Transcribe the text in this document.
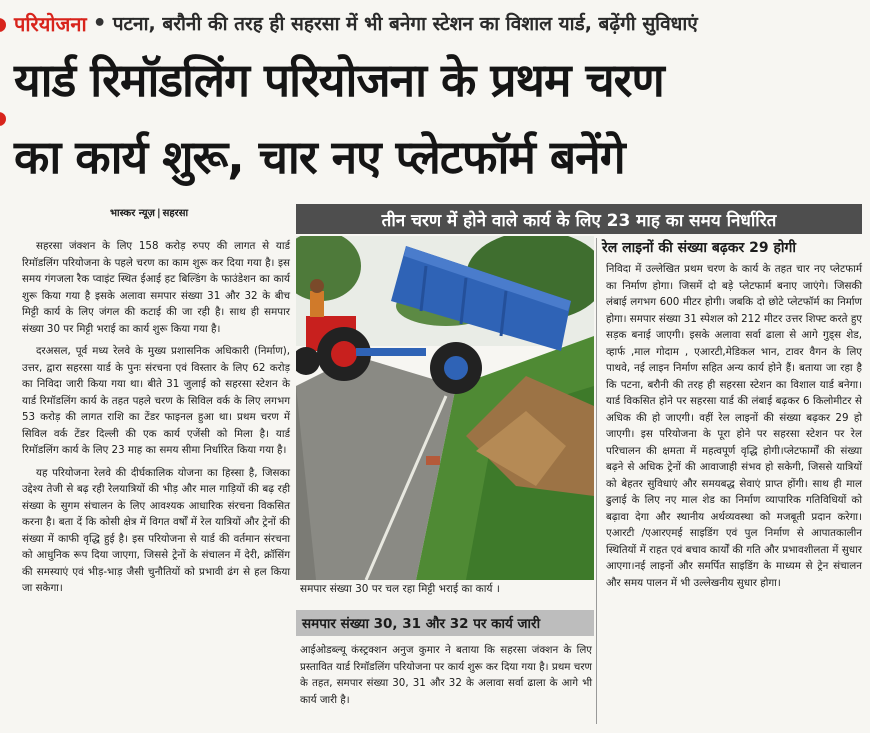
परियोजना • पटना, बरौनी की तरह ही सहरसा में भी बनेगा स्टेशन का विशाल यार्ड, बढ़ेंगी सुविधाएं
यार्ड रिमॉडलिंग परियोजना के प्रथम चरण
का कार्य शुरू, चार नए प्लेटफॉर्म बनेंगे
भास्कर न्यूज़ | सहरसा	तीन चरण में होने वाले कार्य के लिए 23 माह का समय निर्धारित

सहरसा जंक्शन के लिए 158 करोड़ रुपए की लागत से यार्ड रिमॉडलिंग परियोजना के पहले चरण का काम शुरू कर दिया गया है। इस समय गंगजला रैक प्वाइंट स्थित ईआई हट बिल्डिंग के फाउंडेशन का कार्य शुरू किया गया है इसके अलावा समपार संख्या 31 और 32 के बीच मिट्टी कार्य के लिए जंगल की कटाई की जा रही है। साथ ही समपार संख्या 30 पर मिट्टी भराई का कार्य शुरू किया गया है।

दरअसल, पूर्व मध्य रेलवे के मुख्य प्रशासनिक अधिकारी (निर्माण), उत्तर, द्वारा सहरसा यार्ड के पुनः संरचना एवं विस्तार के लिए 62 करोड़ का निविदा जारी किया गया था। बीते 31 जुलाई को सहरसा स्टेशन के यार्ड रिमॉडलिंग कार्य के तहत पहले चरण के सिविल वर्क के लिए लगभग 53 करोड़ की लागत राशि का टेंडर फाइनल हुआ था। प्रथम चरण में सिविल वर्क टेंडर दिल्ली की एक कार्य एजेंसी को मिला है। यार्ड रिमॉडलिंग कार्य के लिए 23 माह का समय सीमा निर्धारित किया गया है।

यह परियोजना रेलवे की दीर्घकालिक योजना का हिस्सा है, जिसका उद्देश्य तेजी से बढ़ रही रेलयात्रियों की भीड़ और माल गाड़ियों की बढ़ रही संख्या के सुगम संचालन के लिए आवश्यक आधारिक संरचना विकसित करना है। बता दें कि कोसी क्षेत्र में विगत वर्षों में रेल यात्रियों और ट्रेनों की संख्या में काफी वृद्धि हुई है। इस परियोजना से यार्ड की वर्तमान संरचना को आधुनिक रूप दिया जाएगा, जिससे ट्रेनों के संचालन में देरी, क्रॉसिंग की समस्याएं एवं भीड़-भाड़ जैसी चुनौतियों को प्रभावी ढंग से हल किया जा सकेगा।	समपार संख्या 30 पर चल रहा मिट्टी भराई का कार्य ।
समपार संख्या 30, 31 और 32 पर कार्य जारी

आईओडब्ल्यू कंस्ट्रक्शन अनुज कुमार ने बताया कि सहरसा जंक्शन के लिए प्रस्तावित यार्ड रिमॉडलिंग परियोजना पर कार्य शुरू कर दिया गया है। प्रथम चरण के तहत, समपार संख्या 30, 31 और 32 के अलावा सर्वा ढाला के आगे भी कार्य जारी है।

रेल लाइनों की संख्या बढ़कर 29 होगी

निविदा में उल्लेखित प्रथम चरण के कार्य के तहत चार नए प्लेटफार्म का निर्माण होगा। जिसमें दो बड़े प्लेटफार्म बनाए जाएंगे। जिसकी लंबाई लगभग 600 मीटर होगी। जबकि दो छोटे प्लेटफॉर्म का निर्माण होगा। समपार संख्या 31 स्पेशल को 212 मीटर उत्तर शिफ्ट करते हुए सड़क बनाई जाएगी। इसके अलावा सर्वा ढाला से आगे गुड्स शेड, व्हार्फ ,माल गोदाम , एआरटी,मेडिकल भान, टावर वैगन के लिए पाथवे, नई लाइन निर्माण सहित अन्य कार्य होने हैं। बताया जा रहा है कि पटना, बरौनी की तरह ही सहरसा स्टेशन का विशाल यार्ड बनेगा। यार्ड विकसित होने पर सहरसा यार्ड की लंबाई बढ़कर 6 किलोमीटर से अधिक की हो जाएगी। वहीं रेल लाइनों की संख्या बढ़कर 29 हो जाएगी। इस परियोजना के पूरा होने पर सहरसा स्टेशन पर रेल परिचालन की क्षमता में महत्वपूर्ण वृद्धि होगी।प्लेटफार्मों की संख्या बढ़ने से अधिक ट्रेनों की आवाजाही संभव हो सकेगी, जिससे यात्रियों को बेहतर सुविधाएं और समयबद्ध सेवाएं प्राप्त होंगी। साथ ही माल ढुलाई के लिए नए माल शेड का निर्माण व्यापारिक गतिविधियों को बढ़ावा देगा और स्थानीय अर्थव्यवस्था को मजबूती प्रदान करेगा। एआरटी /एआरएमई साइडिंग एवं पुल निर्माण से आपातकालीन स्थितियों में राहत एवं बचाव कार्यों की गति और प्रभावशीलता में सुधार आएगा।नई लाइनों और समर्पित साइडिंग के माध्यम से ट्रेन संचालन और समय पालन में भी उल्लेखनीय सुधार होगा।
